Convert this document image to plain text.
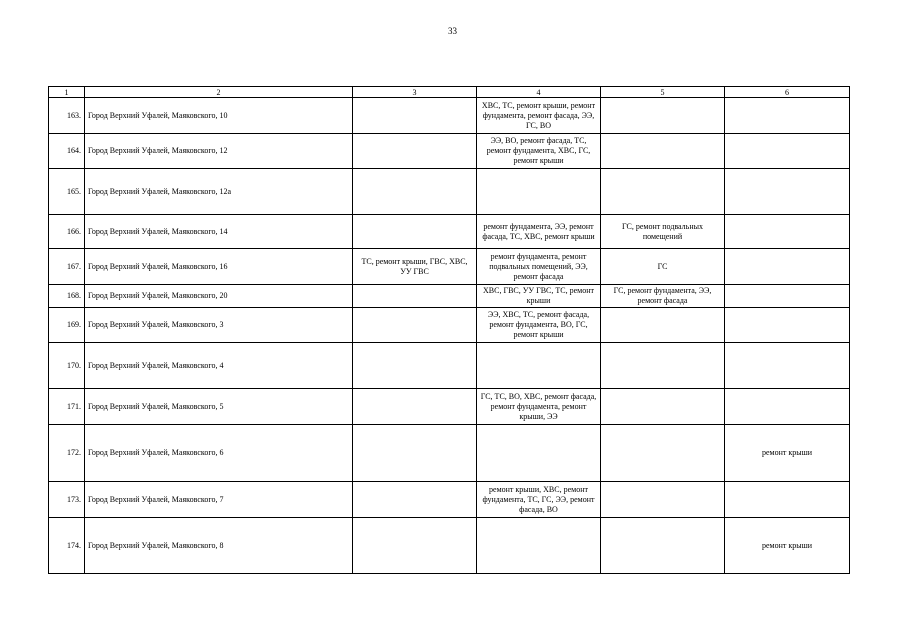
33
1	2	3	4	5	6
163.	Город Верхний Уфалей, Маяковского, 10		ХВС, ТС, ремонт крыши, ремонт фундамента, ремонт фасада, ЭЭ, ГС, ВО		
164.	Город Верхний Уфалей, Маяковского, 12		ЭЭ, ВО, ремонт фасада, ТС, ремонт фундамента, ХВС, ГС, ремонт крыши		
165.	Город Верхний Уфалей, Маяковского, 12а				
166.	Город Верхний Уфалей, Маяковского, 14		ремонт фундамента, ЭЭ, ремонт фасада, ТС, ХВС, ремонт крыши	ГС, ремонт подвальных помещений	
167.	Город Верхний Уфалей, Маяковского, 16	ТС, ремонт крыши, ГВС, ХВС, УУ ГВС	ремонт фундамента, ремонт подвальных помещений, ЭЭ, ремонт фасада	ГС	
168.	Город Верхний Уфалей, Маяковского, 20		ХВС, ГВС, УУ ГВС, ТС, ремонт крыши	ГС, ремонт фундамента, ЭЭ, ремонт фасада	
169.	Город Верхний Уфалей, Маяковского, 3		ЭЭ, ХВС, ТС, ремонт фасада, ремонт фундамента, ВО, ГС, ремонт крыши		
170.	Город Верхний Уфалей, Маяковского, 4				
171.	Город Верхний Уфалей, Маяковского, 5		ГС, ТС, ВО, ХВС, ремонт фасада, ремонт фундамента, ремонт крыши, ЭЭ		
172.	Город Верхний Уфалей, Маяковского, 6				ремонт крыши
173.	Город Верхний Уфалей, Маяковского, 7		ремонт крыши, ХВС, ремонт фундамента, ТС, ГС, ЭЭ, ремонт фасада, ВО		
174.	Город Верхний Уфалей, Маяковского, 8				ремонт крыши
